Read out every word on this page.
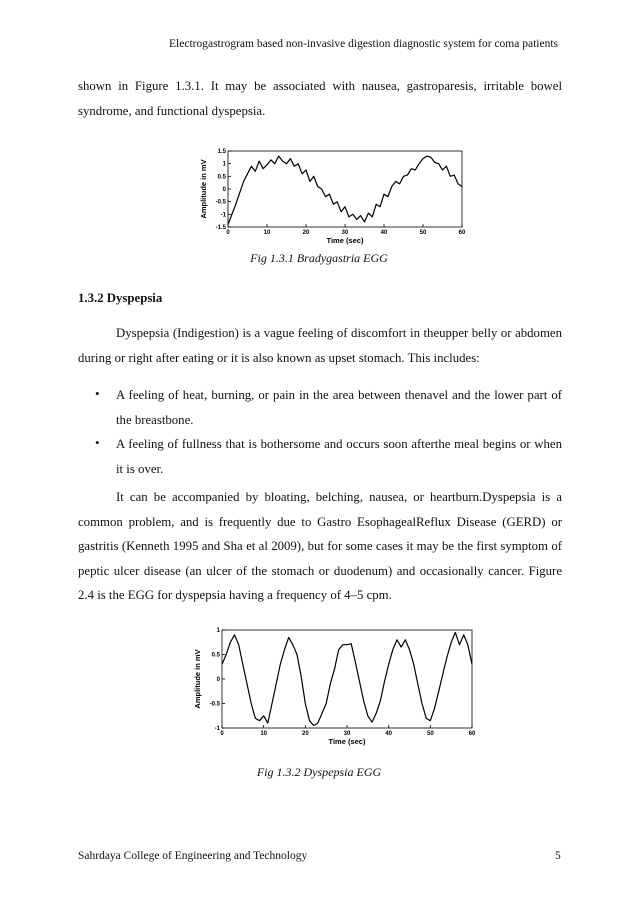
Electrogastrogram based non-invasive digestion diagnostic system for coma patients
shown in Figure 1.3.1. It may be associated with nausea, gastroparesis, irritable bowel syndrome, and functional dyspepsia.
0	10	20	30	40	50	60
1.5
1
0.5
0
-0.5
-1
-1.5
Time (sec)
Amplitude in mV
Fig 1.3.1 Bradygastria EGG
1.3.2 Dyspepsia
Dyspepsia (Indigestion) is a vague feeling of discomfort in theupper belly or abdomen during or right after eating or it is also known as upset stomach. This includes:
• A feeling of heat, burning, or pain in the area between thenavel and the lower part of the breastbone.
• A feeling of fullness that is bothersome and occurs soon afterthe meal begins or when it is over.
It can be accompanied by bloating, belching, nausea, or heartburn.Dyspepsia is a common problem, and is frequently due to Gastro EsophagealReflux Disease (GERD) or gastritis (Kenneth 1995 and Sha et al 2009), but for some cases it may be the first symptom of peptic ulcer disease (an ulcer of the stomach or duodenum) and occasionally cancer. Figure 2.4 is the EGG for dyspepsia having a frequency of 4–5 cpm.
0	10	20	30	40	50	60
1
0.5
0
-0.5
-1
Time (sec)
Amplitude in mV
Fig 1.3.2 Dyspepsia EGG
Sahrdaya College of Engineering and Technology	5
